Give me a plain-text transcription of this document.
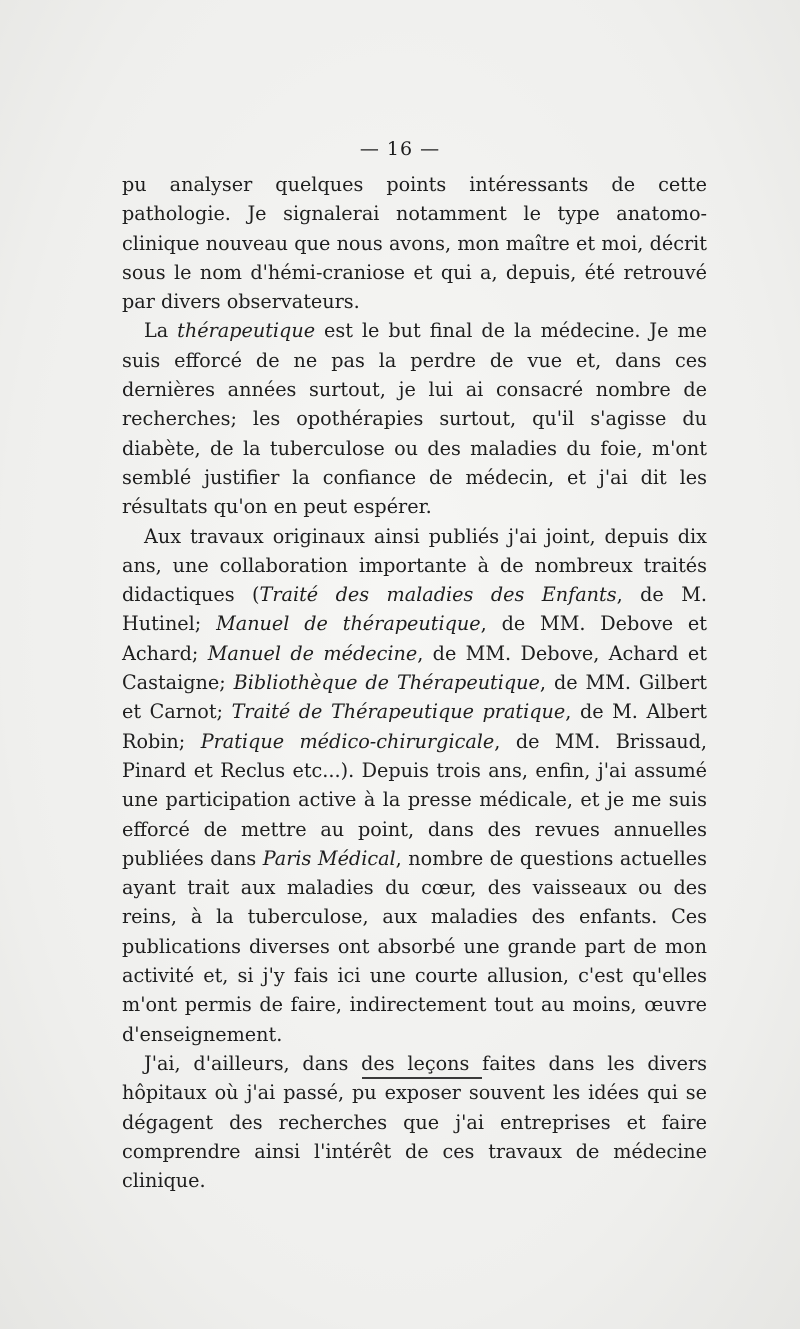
— 16 —

pu analyser quelques points intéressants de cette pathologie. Je signalerai notamment le type anatomo-clinique nouveau que nous avons, mon maître et moi, décrit sous le nom d'hémi-craniose et qui a, depuis, été retrouvé par divers observateurs.

La thérapeutique est le but final de la médecine. Je me suis efforcé de ne pas la perdre de vue et, dans ces dernières années surtout, je lui ai consacré nombre de recherches; les opothérapies surtout, qu'il s'agisse du diabète, de la tuberculose ou des maladies du foie, m'ont semblé justifier la confiance de médecin, et j'ai dit les résultats qu'on en peut espérer.

Aux travaux originaux ainsi publiés j'ai joint, depuis dix ans, une collaboration importante à de nombreux traités didactiques (Traité des maladies des Enfants, de M. Hutinel; Manuel de thérapeutique, de MM. Debove et Achard; Manuel de médecine, de MM. Debove, Achard et Castaigne; Bibliothèque de Thérapeutique, de MM. Gilbert et Carnot; Traité de Thérapeutique pratique, de M. Albert Robin; Pratique médico-chirurgicale, de MM. Brissaud, Pinard et Reclus etc...). Depuis trois ans, enfin, j'ai assumé une participation active à la presse médicale, et je me suis efforcé de mettre au point, dans des revues annuelles publiées dans Paris Médical, nombre de questions actuelles ayant trait aux maladies du cœur, des vaisseaux ou des reins, à la tuberculose, aux maladies des enfants. Ces publications diverses ont absorbé une grande part de mon activité et, si j'y fais ici une courte allusion, c'est qu'elles m'ont permis de faire, indirectement tout au moins, œuvre d'enseignement.

J'ai, d'ailleurs, dans des leçons faites dans les divers hôpitaux où j'ai passé, pu exposer souvent les idées qui se dégagent des recherches que j'ai entreprises et faire comprendre ainsi l'intérêt de ces travaux de médecine clinique.
